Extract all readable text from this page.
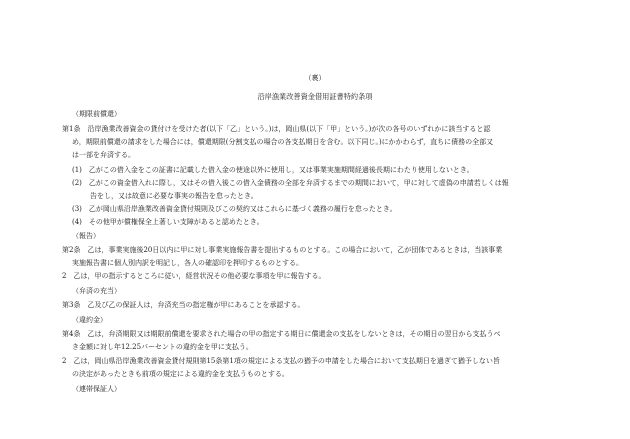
（裏）
沿岸漁業改善資金借用証書特約条項
（期限前償還）
第1条　沿岸漁業改善資金の貸付けを受けた者(以下「乙」という。)は，岡山県(以下「甲」という。)が次の各号のいずれかに該当すると認
め，期限前償還の請求をした場合には，償還期限(分割支払の場合の各支払期日を含む。以下同じ。)にかかわらず，直ちに債務の全部又
は一部を弁済する。
(1)　乙がこの借入金をこの証書に記載した借入金の使途以外に使用し，又は事業実施期間経過後長期にわたり使用しないとき。
(2)　乙がこの資金借入れに際し，又はその借入後この借入金債務の全部を弁済するまでの期間において，甲に対して虚偽の申請若しくは報
告をし，又は故意に必要な事実の報告を怠ったとき。
(3)　乙が岡山県沿岸漁業改善資金貸付規則及びこの契約又はこれらに基づく義務の履行を怠ったとき。
(4)　その他甲が償権保全上著しい支障があると認めたとき。
（報告）
第2条　乙は，事業実施後20日以内に甲に対し事業実施報告書を提出するものとする。この場合において，乙が団体であるときは，当該事業
実施報告書に個人別内訳を明記し，各人の確認印を押印するものとする。
2　乙は，甲の指示するところに従い，経営状況その他必要な事項を甲に報告する。
（弁済の充当）
第3条　乙及び乙の保証人は，弁済充当の指定権が甲にあることを承認する。
（違約金）
第4条　乙は，弁済期限又は期限前償還を要求された場合の甲の指定する期日に償還金の支払をしないときは，その期日の翌日から支払うべ
き金額に対し年12.25パーセントの違約金を甲に支払う。
2　乙は，岡山県沿岸漁業改善資金貸付規則第15条第1項の規定による支払の猶予の申請をした場合において支払期日を過ぎて猶予しない旨
の決定があったときも前項の規定による違約金を支払うものとする。
（連帯保証人）
